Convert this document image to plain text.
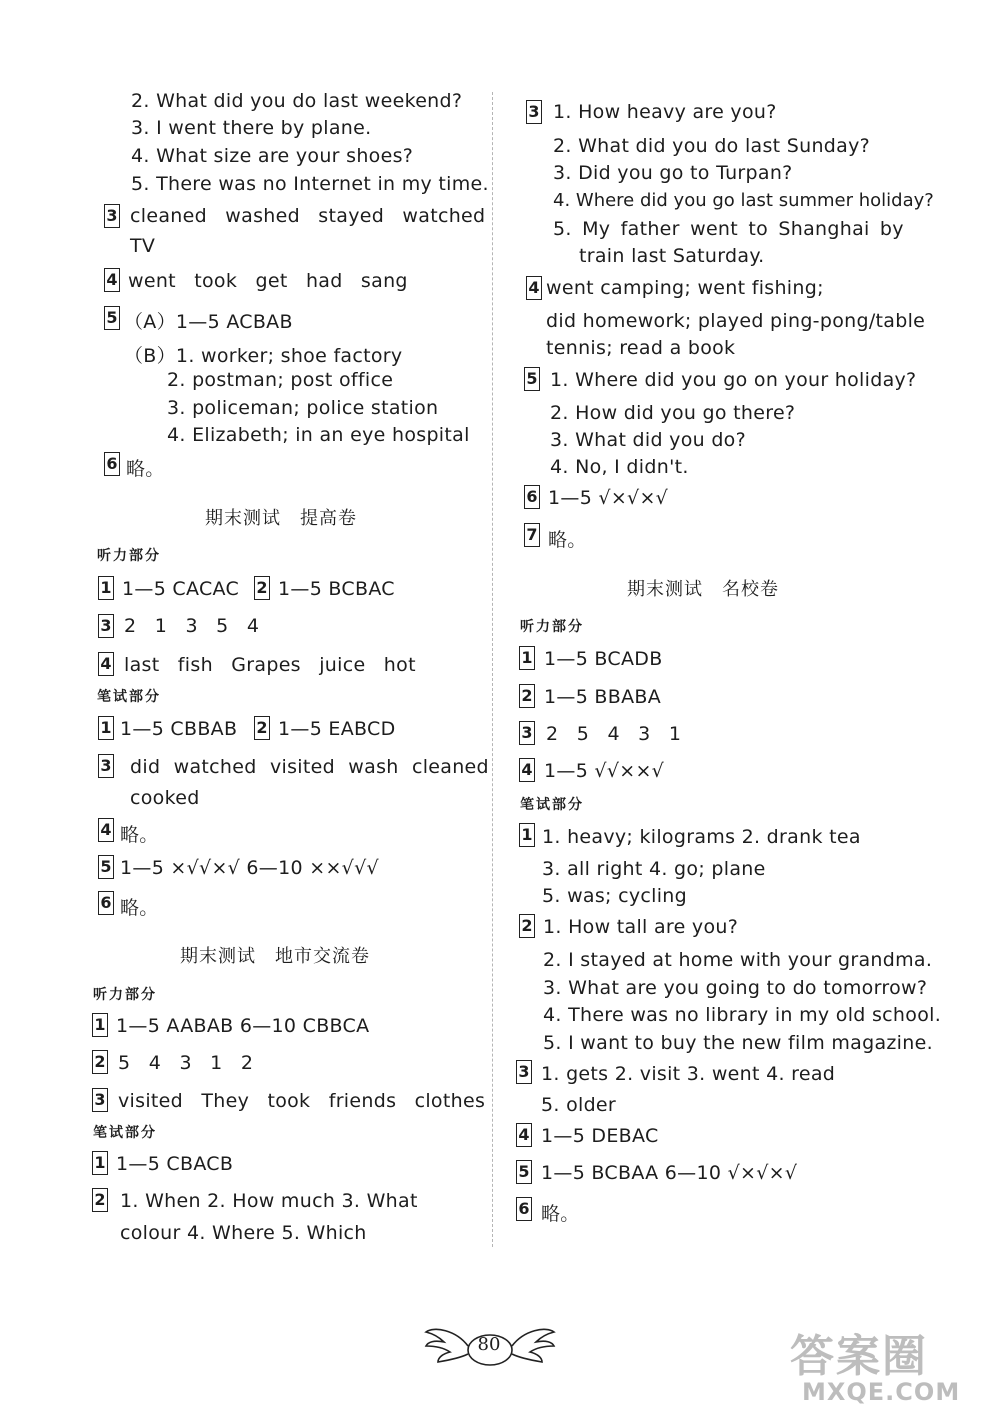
2. What did you do last weekend?
3. I went there by plane.
4. What size are your shoes?
5. There was no Internet in my time.
3 cleaned washed stayed watched
TV
4 went took get had sang
5 （A）1—5 ACBAB
（B）1. worker; shoe factory
2. postman; post office
3. policeman; police station
4. Elizabeth; in an eye hospital
6 略。
期末测试　提高卷
听力部分
1 1—5 CACAC 2 1—5 BCBAC
3 2 1 3 5 4
4 last fish Grapes juice hot
笔试部分
1 1—5 CBBAB 2 1—5 EABCD
3 did watched visited wash cleaned
cooked
4 略。
5 1—5 ×√√×√ 6—10 ××√√√
6 略。
期末测试　地市交流卷
听力部分
1 1—5 AABAB 6—10 CBBCA
2 5 4 3 1 2
3 visited They took friends clothes
笔试部分
1 1—5 CBACB
2 1. When 2. How much 3. What
colour 4. Where 5. Which
3 1. How heavy are you?
2. What did you do last Sunday?
3. Did you go to Turpan?
4. Where did you go last summer holiday?
5. My father went to Shanghai by
train last Saturday.
4 went camping; went fishing;
did homework; played ping-pong/table
tennis; read a book
5 1. Where did you go on your holiday?
2. How did you go there?
3. What did you do?
4. No, I didn't.
6 1—5 √×√×√
7 略。
期末测试　名校卷
听力部分
1 1—5 BCADB
2 1—5 BBABA
3 2 5 4 3 1
4 1—5 √√××√
笔试部分
1 1. heavy; kilograms 2. drank tea
3. all right 4. go; plane
5. was; cycling
2 1. How tall are you?
2. I stayed at home with your grandma.
3. What are you going to do tomorrow?
4. There was no library in my old school.
5. I want to buy the new film magazine.
3 1. gets 2. visit 3. went 4. read
5. older
4 1—5 DEBAC
5 1—5 BCBAA 6—10 √×√×√
6 略。
80	答案圈
MXQE.COM
